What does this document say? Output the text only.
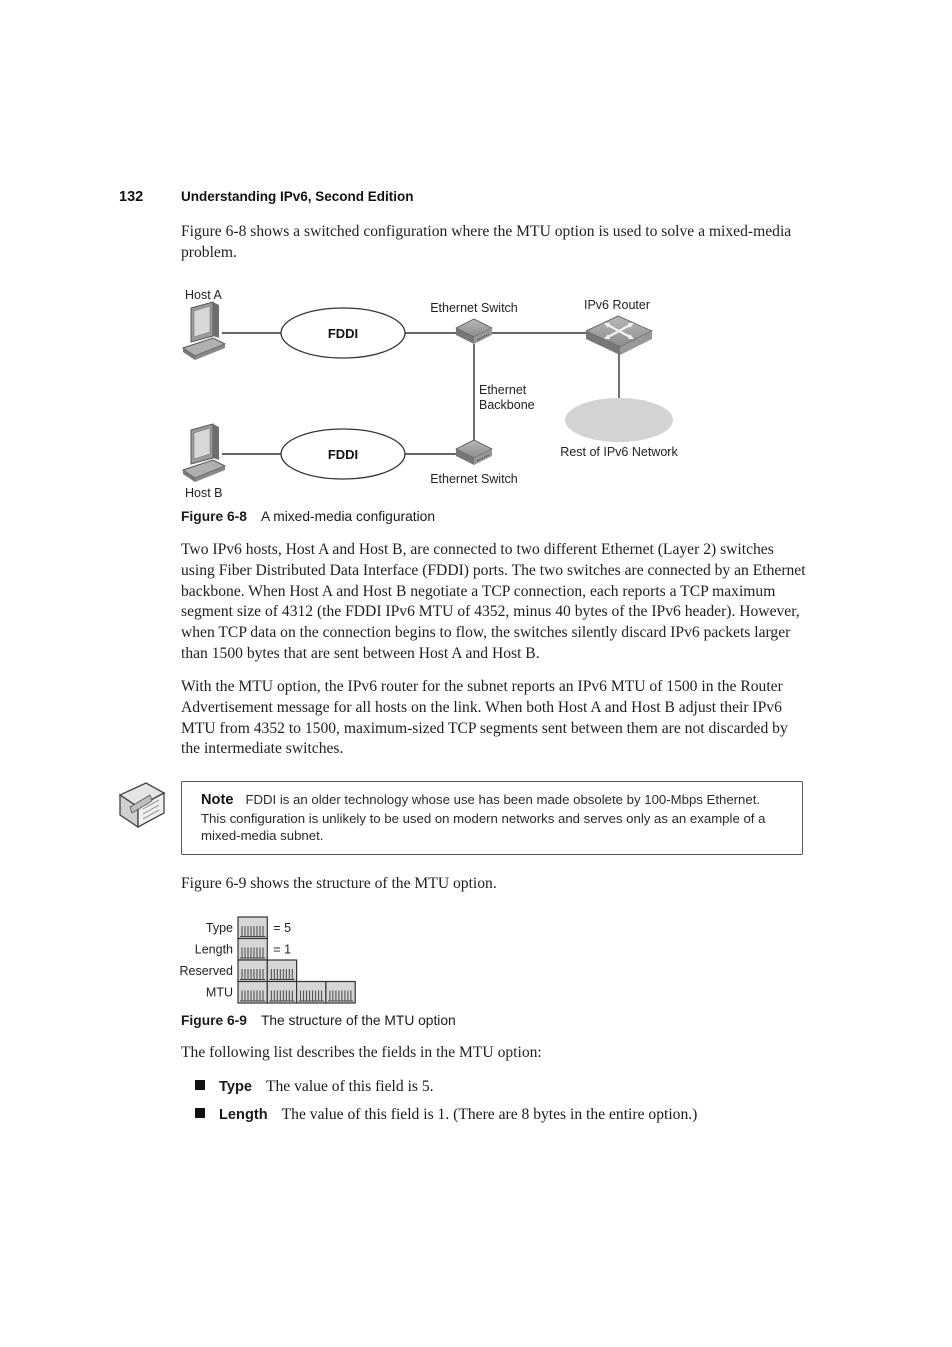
132	Understanding IPv6, Second Edition

Figure 6-8 shows a switched configuration where the MTU option is used to solve a mixed-media problem.

FDDI
FDDI
Host A
Host B
Ethernet Switch
Ethernet Switch
IPv6 Router
Ethernet
Backbone
Rest of IPv6 Network
Figure 6-8 A mixed-media configuration

Two IPv6 hosts, Host A and Host B, are connected to two different Ethernet (Layer 2) switches using Fiber Distributed Data Interface (FDDI) ports. The two switches are connected by an Ethernet backbone. When Host A and Host B negotiate a TCP connection, each reports a TCP maximum segment size of 4312 (the FDDI IPv6 MTU of 4352, minus 40 bytes of the IPv6 header). However, when TCP data on the connection begins to flow, the switches silently discard IPv6 packets larger than 1500 bytes that are sent between Host A and Host B.

With the MTU option, the IPv6 router for the subnet reports an IPv6 MTU of 1500 in the Router Advertisement message for all hosts on the link. When both Host A and Host B adjust their IPv6 MTU from 4352 to 1500, maximum-sized TCP segments sent between them are not discarded by the intermediate switches.

Note FDDI is an older technology whose use has been made obsolete by 100-Mbps Ethernet. This configuration is unlikely to be used on modern networks and serves only as an example of a mixed-media subnet.

Figure 6-9 shows the structure of the MTU option.

Type	= 5
Length	= 1
Reserved
MTU
Figure 6-9 The structure of the MTU option

The following list describes the fields in the MTU option:

Type The value of this field is 5.
Length The value of this field is 1. (There are 8 bytes in the entire option.)
